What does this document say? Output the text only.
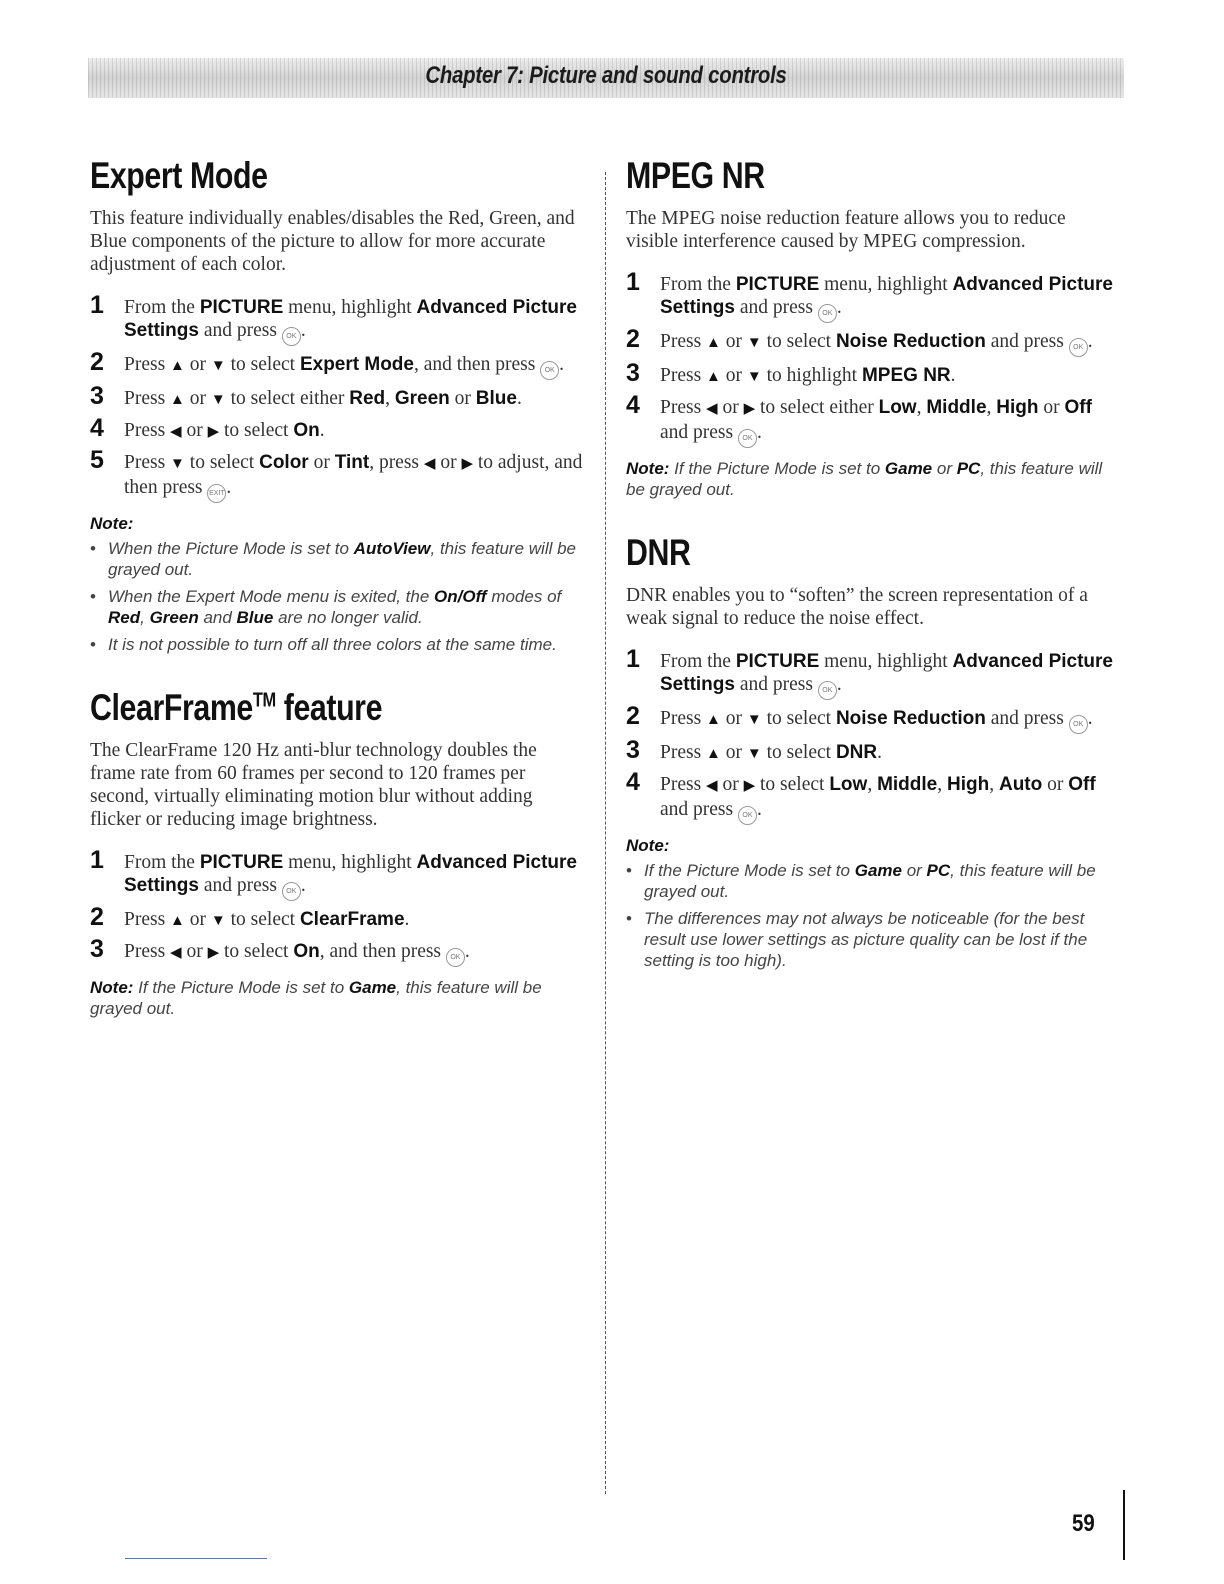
Chapter 7: Picture and sound controls
Expert Mode

This feature individually enables/disables the Red, Green, and Blue components of the picture to allow for more accurate adjustment of each color.

1 From the PICTURE menu, highlight Advanced Picture Settings and press OK .
2 Press ▲ or ▼ to select Expert Mode, and then press OK .
3 Press ▲ or ▼ to select either Red, Green or Blue.
4 Press ◀ or ▶ to select On.
5 Press ▼ to select Color or Tint, press ◀ or ▶ to adjust, and then press EXIT.
Note:
• When the Picture Mode is set to AutoView, this feature will be grayed out.
• When the Expert Mode menu is exited, the On/Off modes of Red, Green and Blue are no longer valid.
• It is not possible to turn off all three colors at the same time.
ClearFrame™ feature

The ClearFrame 120 Hz anti-blur technology doubles the frame rate from 60 frames per second to 120 frames per second, virtually eliminating motion blur without adding flicker or reducing image brightness.

1 From the PICTURE menu, highlight Advanced Picture Settings and press OK .
2 Press ▲ or ▼ to select ClearFrame.
3 Press ◀ or ▶ to select On, and then press OK .

Note: If the Picture Mode is set to Game, this feature will be grayed out.

MPEG NR

The MPEG noise reduction feature allows you to reduce visible interference caused by MPEG compression.

1 From the PICTURE menu, highlight Advanced Picture Settings and press OK .
2 Press ▲ or ▼ to select Noise Reduction and press OK .
3 Press ▲ or ▼ to highlight MPEG NR.
4 Press ◀ or ▶ to select either Low, Middle, High or Off and press OK .

Note: If the Picture Mode is set to Game or PC, this feature will be grayed out.

DNR

DNR enables you to “soften” the screen representation of a weak signal to reduce the noise effect.

1 From the PICTURE menu, highlight Advanced Picture Settings and press OK .
2 Press ▲ or ▼ to select Noise Reduction and press OK .
3 Press ▲ or ▼ to select DNR.
4 Press ◀ or ▶ to select Low, Middle, High, Auto or Off and press OK .
Note:
• If the Picture Mode is set to Game or PC, this feature will be grayed out.
• The differences may not always be noticeable (for the best result use lower settings as picture quality can be lost if the setting is too high).
59
